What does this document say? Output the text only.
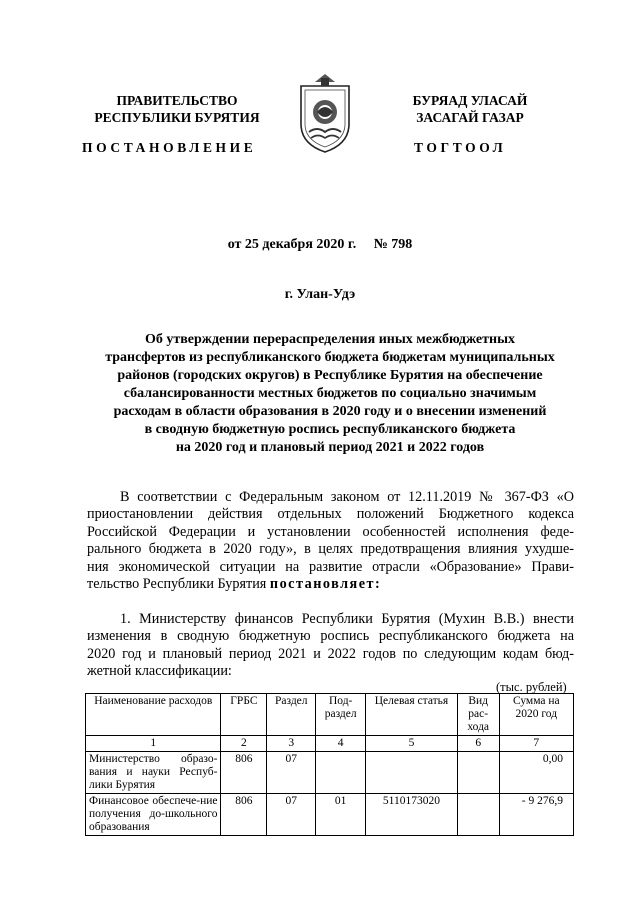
ПРАВИТЕЛЬСТВО
РЕСПУБЛИКИ БУРЯТИЯ
БУРЯАД УЛАСАЙ
ЗАСАГАЙ ГАЗАР
ПОСТАНОВЛЕНИЕ	ТОГТООЛ
от 25 декабря 2020 г. № 798
г. Улан-Удэ
Об утверждении перераспределения иных межбюджетных
трансфертов из республиканского бюджета бюджетам муниципальных
районов (городских округов) в Республике Бурятия на обеспечение
сбалансированности местных бюджетов по социально значимым
расходам в области образования в 2020 году и о внесении изменений
в сводную бюджетную роспись республиканского бюджета
на 2020 год и плановый период 2021 и 2022 годов
В соответствии с Федеральным законом от 12.11.2019 № 367-ФЗ «О
приостановлении действия отдельных положений Бюджетного кодекса
Российской Федерации и установлении особенностей исполнения феде-
рального бюджета в 2020 году», в целях предотвращения влияния ухудше-
ния экономической ситуации на развитие отрасли «Образование» Прави-
тельство Республики Бурятия постановляет:
1. Министерству финансов Республики Бурятия (Мухин В.В.) внести
изменения в сводную бюджетную роспись республиканского бюджета на
2020 год и плановый период 2021 и 2022 годов по следующим кодам бюд-
жетной классификации:
(тыс. рублей)
Наименование расходов	ГРБС	Раздел	Под-раздел	Целевая статья	Вид рас-хода	Сумма на 2020 год
1	2	3	4	5	6	7
Министерство образо-вания и науки Респуб-лики Бурятия	806	07				0,00
Финансовое обеспече-ние получения до-школьного образования	806	07	01	5110173020		- 9 276,9
